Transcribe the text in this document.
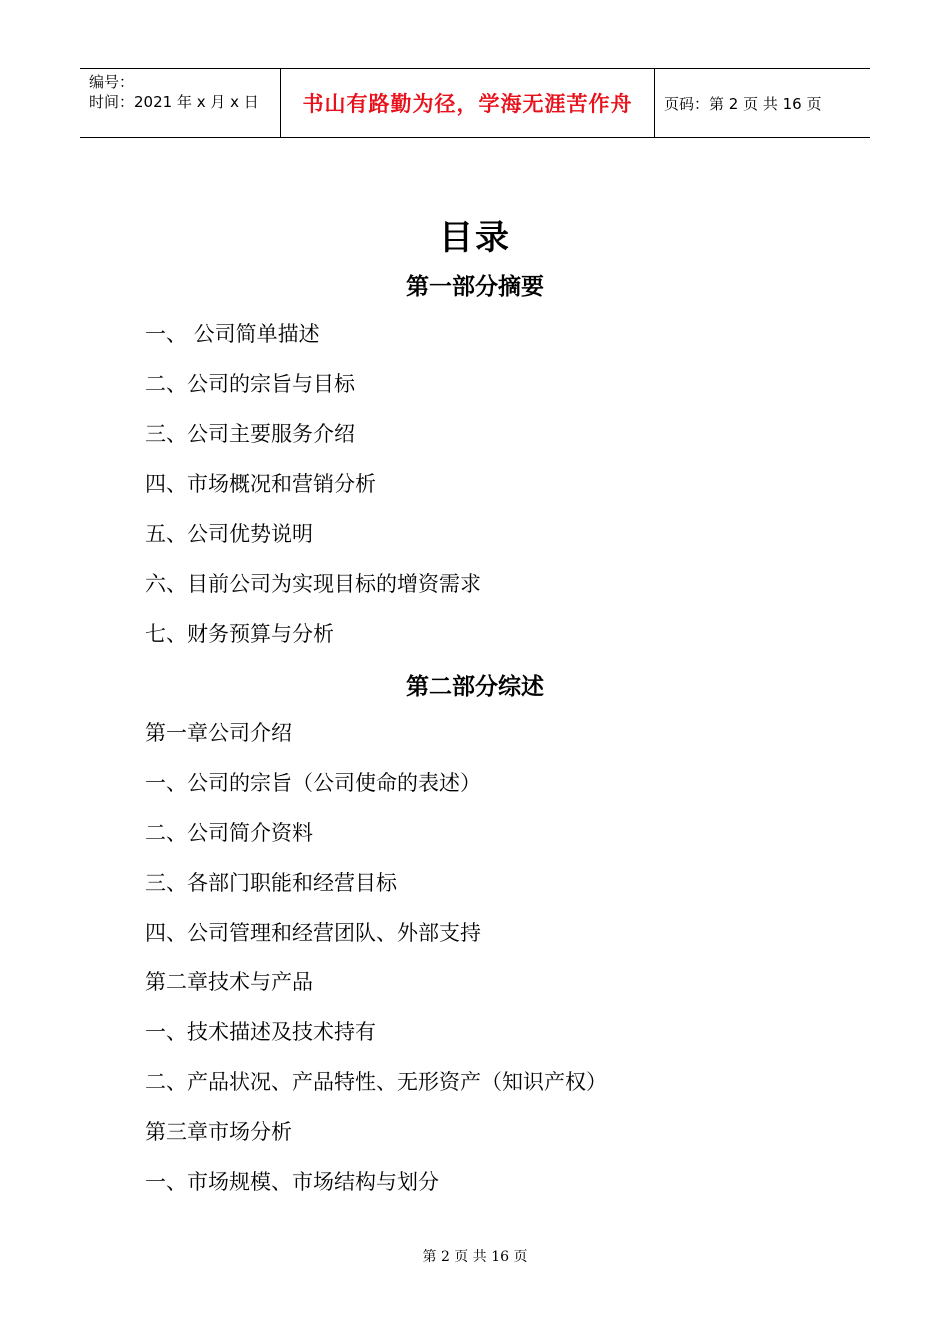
编号：
时间：2021 年 x 月 x 日	书山有路勤为径，学海无涯苦作舟	页码：第 2 页 共 16 页
目录
第一部分摘要
一、 公司简单描述
二、公司的宗旨与目标
三、公司主要服务介绍
四、市场概况和营销分析
五、公司优势说明
六、目前公司为实现目标的增资需求
七、财务预算与分析
第二部分综述
第一章公司介绍
一、公司的宗旨（公司使命的表述）
二、公司简介资料
三、各部门职能和经营目标
四、公司管理和经营团队、外部支持
第二章技术与产品
一、技术描述及技术持有
二、产品状况、产品特性、无形资产（知识产权）
第三章市场分析
一、市场规模、市场结构与划分
第 2 页 共 16 页
